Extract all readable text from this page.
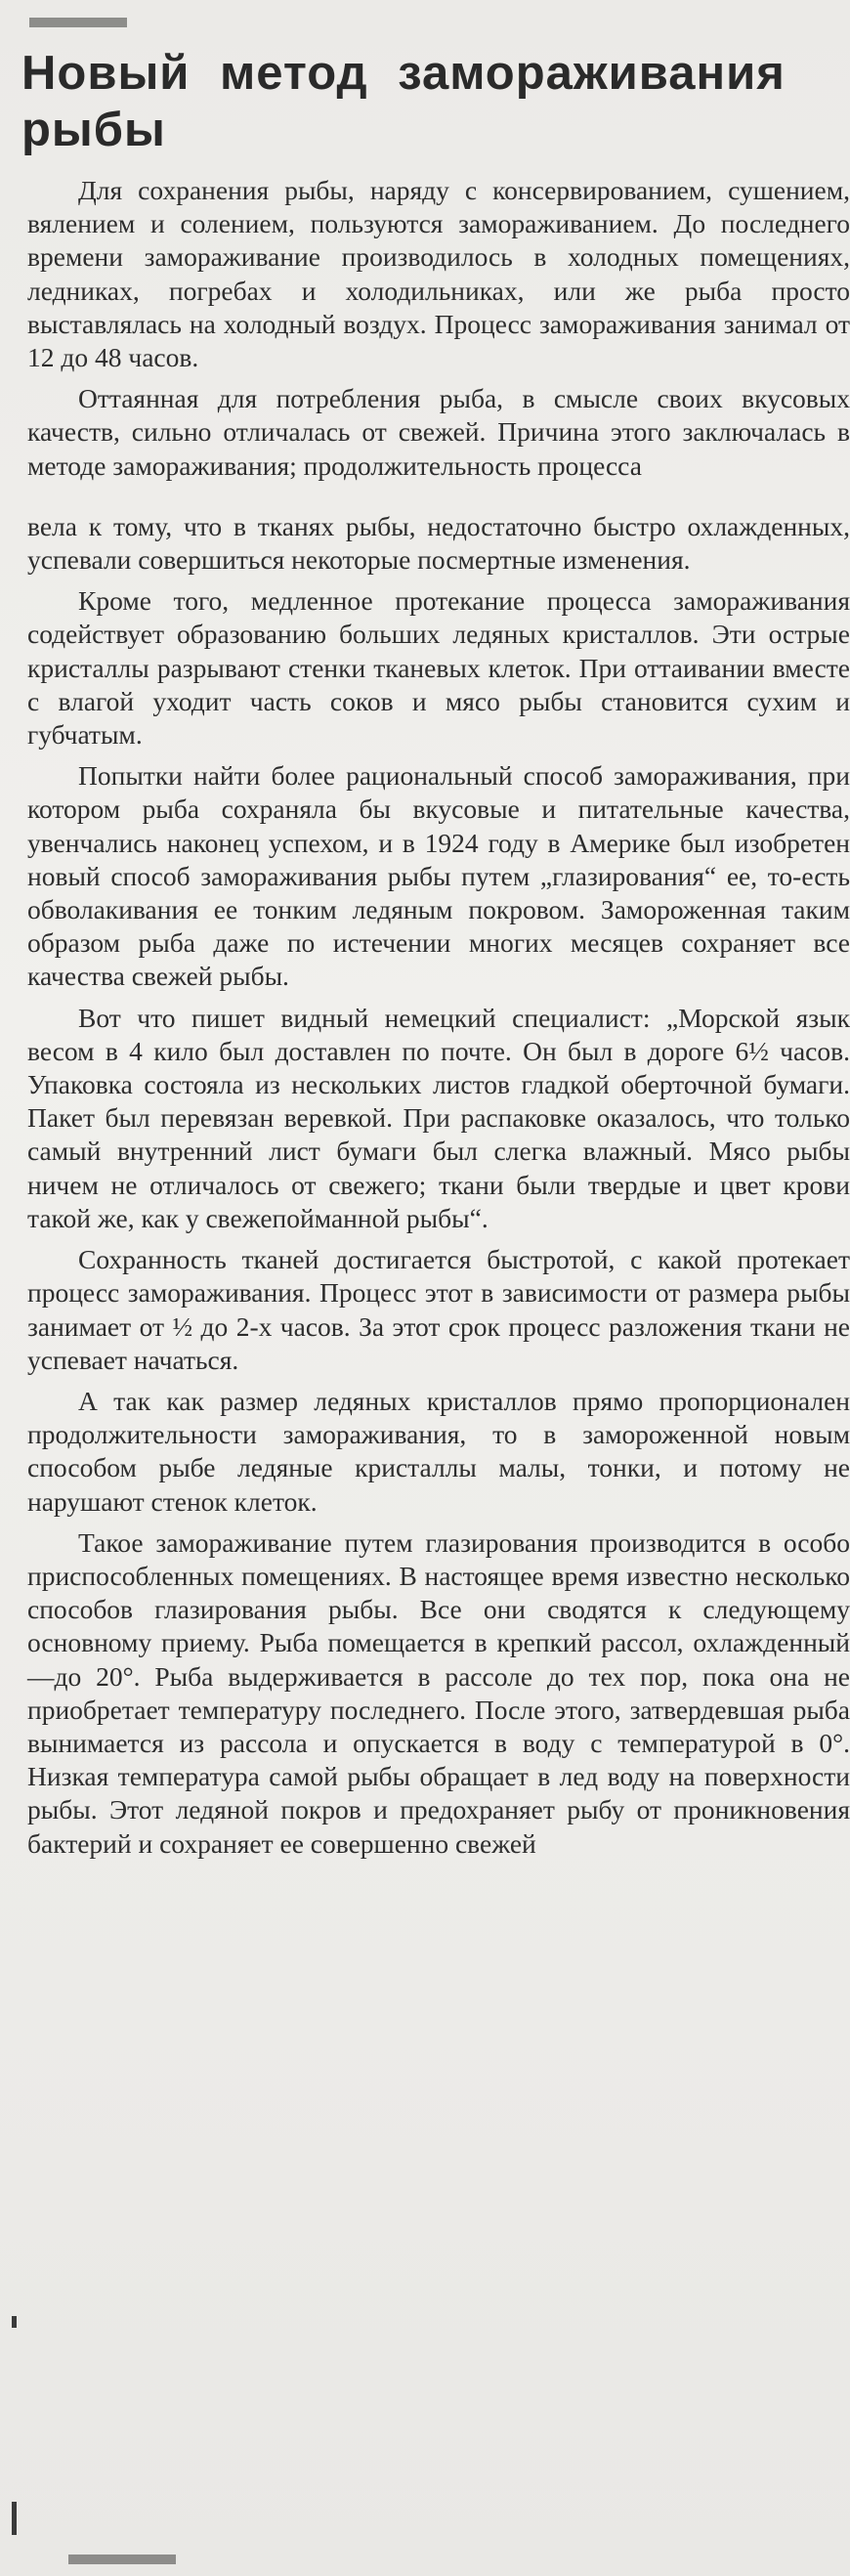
Новый метод замораживания рыбы

Для сохранения рыбы, наряду с консервированием, сушением, вялением и солением, пользуются замораживанием. До последнего времени замораживание производилось в холодных помещениях, ледниках, погребах и холодильниках, или же рыба просто выставлялась на холодный воздух. Процесс замораживания занимал от 12 до 48 часов.

Оттаянная для потребления рыба, в смысле своих вкусовых качеств, сильно отличалась от свежей. Причина этого заключалась в методе замораживания; продолжительность процесса

вела к тому, что в тканях рыбы, недостаточно быстро охлажденных, успевали совершиться некоторые посмертные изменения.

Кроме того, медленное протекание процесса замораживания содействует образованию больших ледяных кристаллов. Эти острые кристаллы разрывают стенки тканевых клеток. При оттаивании вместе с влагой уходит часть соков и мясо рыбы становится сухим и губчатым.

Попытки найти более рациональный способ замораживания, при котором рыба сохраняла бы вкусовые и питательные качества, увенчались наконец успехом, и в 1924 году в Америке был изобретен новый способ замораживания рыбы путем „глазирования“ ее, то-есть обволакивания ее тонким ледяным покровом. Замороженная таким образом рыба даже по истечении многих месяцев сохраняет все качества свежей рыбы.

Вот что пишет видный немецкий специалист: „Морской язык весом в 4 кило был доставлен по почте. Он был в дороге 6½ часов. Упаковка состояла из нескольких листов гладкой оберточной бумаги. Пакет был перевязан веревкой. При распаковке оказалось, что только самый внутренний лист бумаги был слегка влажный. Мясо рыбы ничем не отличалось от свежего; ткани были твердые и цвет крови такой же, как у свежепойманной рыбы“.

Сохранность тканей достигается быстротой, с какой протекает процесс замораживания. Процесс этот в зависимости от размера рыбы занимает от ½ до 2-х часов. За этот срок процесс разложения ткани не успевает начаться.

А так как размер ледяных кристаллов прямо пропорционален продолжительности замораживания, то в замороженной новым способом рыбе ледяные кристаллы малы, тонки, и потому не нарушают стенок клеток.

Такое замораживание путем глазирования производится в особо приспособленных помещениях. В настоящее время известно несколько способов глазирования рыбы. Все они сводятся к следующему основному приему. Рыба помещается в крепкий рассол, охлажденный—до 20°. Рыба выдерживается в рассоле до тех пор, пока она не приобретает температуру последнего. После этого, затвердевшая рыба вынимается из рассола и опускается в воду с температурой в 0°. Низкая температура самой рыбы обращает в лед воду на поверхности рыбы. Этот ледяной покров и предохраняет рыбу от проникновения бактерий и сохраняет ее совершенно свежей
